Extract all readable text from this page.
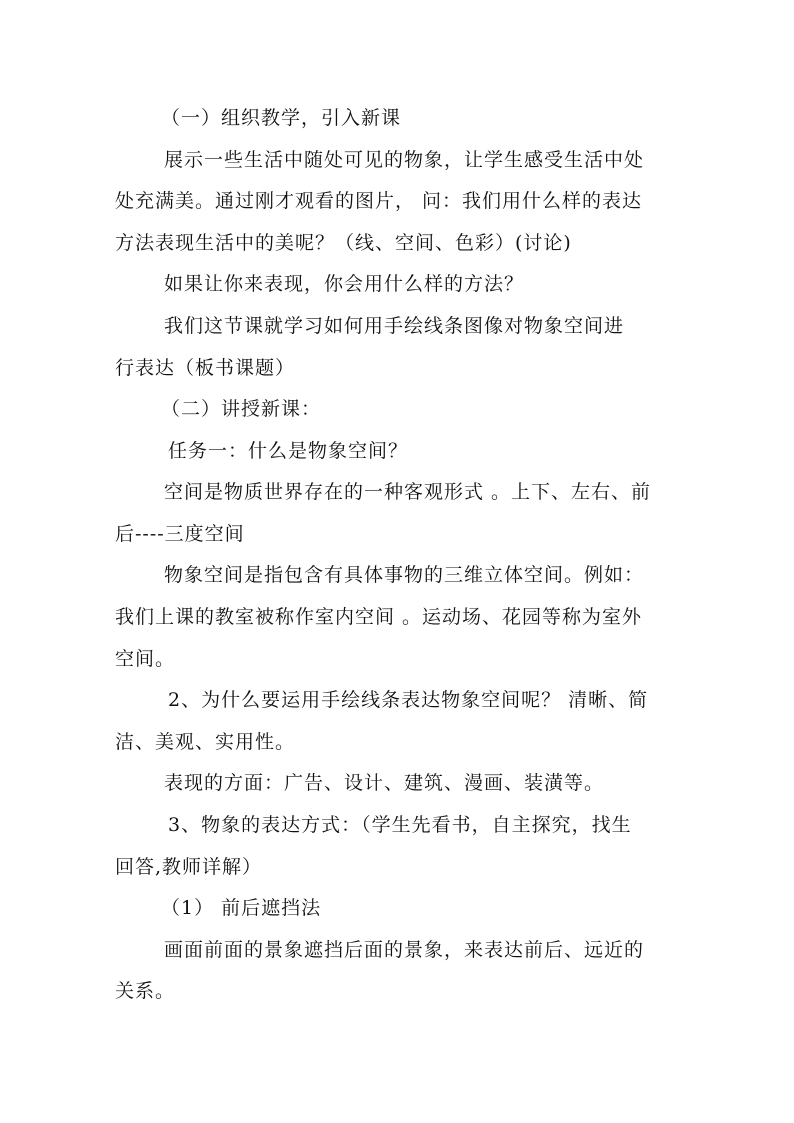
（一）组织教学，引入新课
展示一些生活中随处可见的物象，让学生感受生活中处
处充满美。通过刚才观看的图片， 问：我们用什么样的表达
方法表现生活中的美呢？（线、空间、色彩）(讨论)
如果让你来表现，你会用什么样的方法？
我们这节课就学习如何用手绘线条图像对物象空间进
行表达（板书课题）
（二）讲授新课：
任务一：什么是物象空间？
空间是物质世界存在的一种客观形式 。上下、左右、前
后----三度空间
物象空间是指包含有具体事物的三维立体空间。例如：
我们上课的教室被称作室内空间 。运动场、花园等称为室外
空间。
2、为什么要运用手绘线条表达物象空间呢？ 清晰、简
洁、美观、实用性。
表现的方面：广告、设计、建筑、漫画、装潢等。
3、物象的表达方式：（学生先看书，自主探究，找生
回答,教师详解）
（1） 前后遮挡法
画面前面的景象遮挡后面的景象，来表达前后、远近的
关系。
